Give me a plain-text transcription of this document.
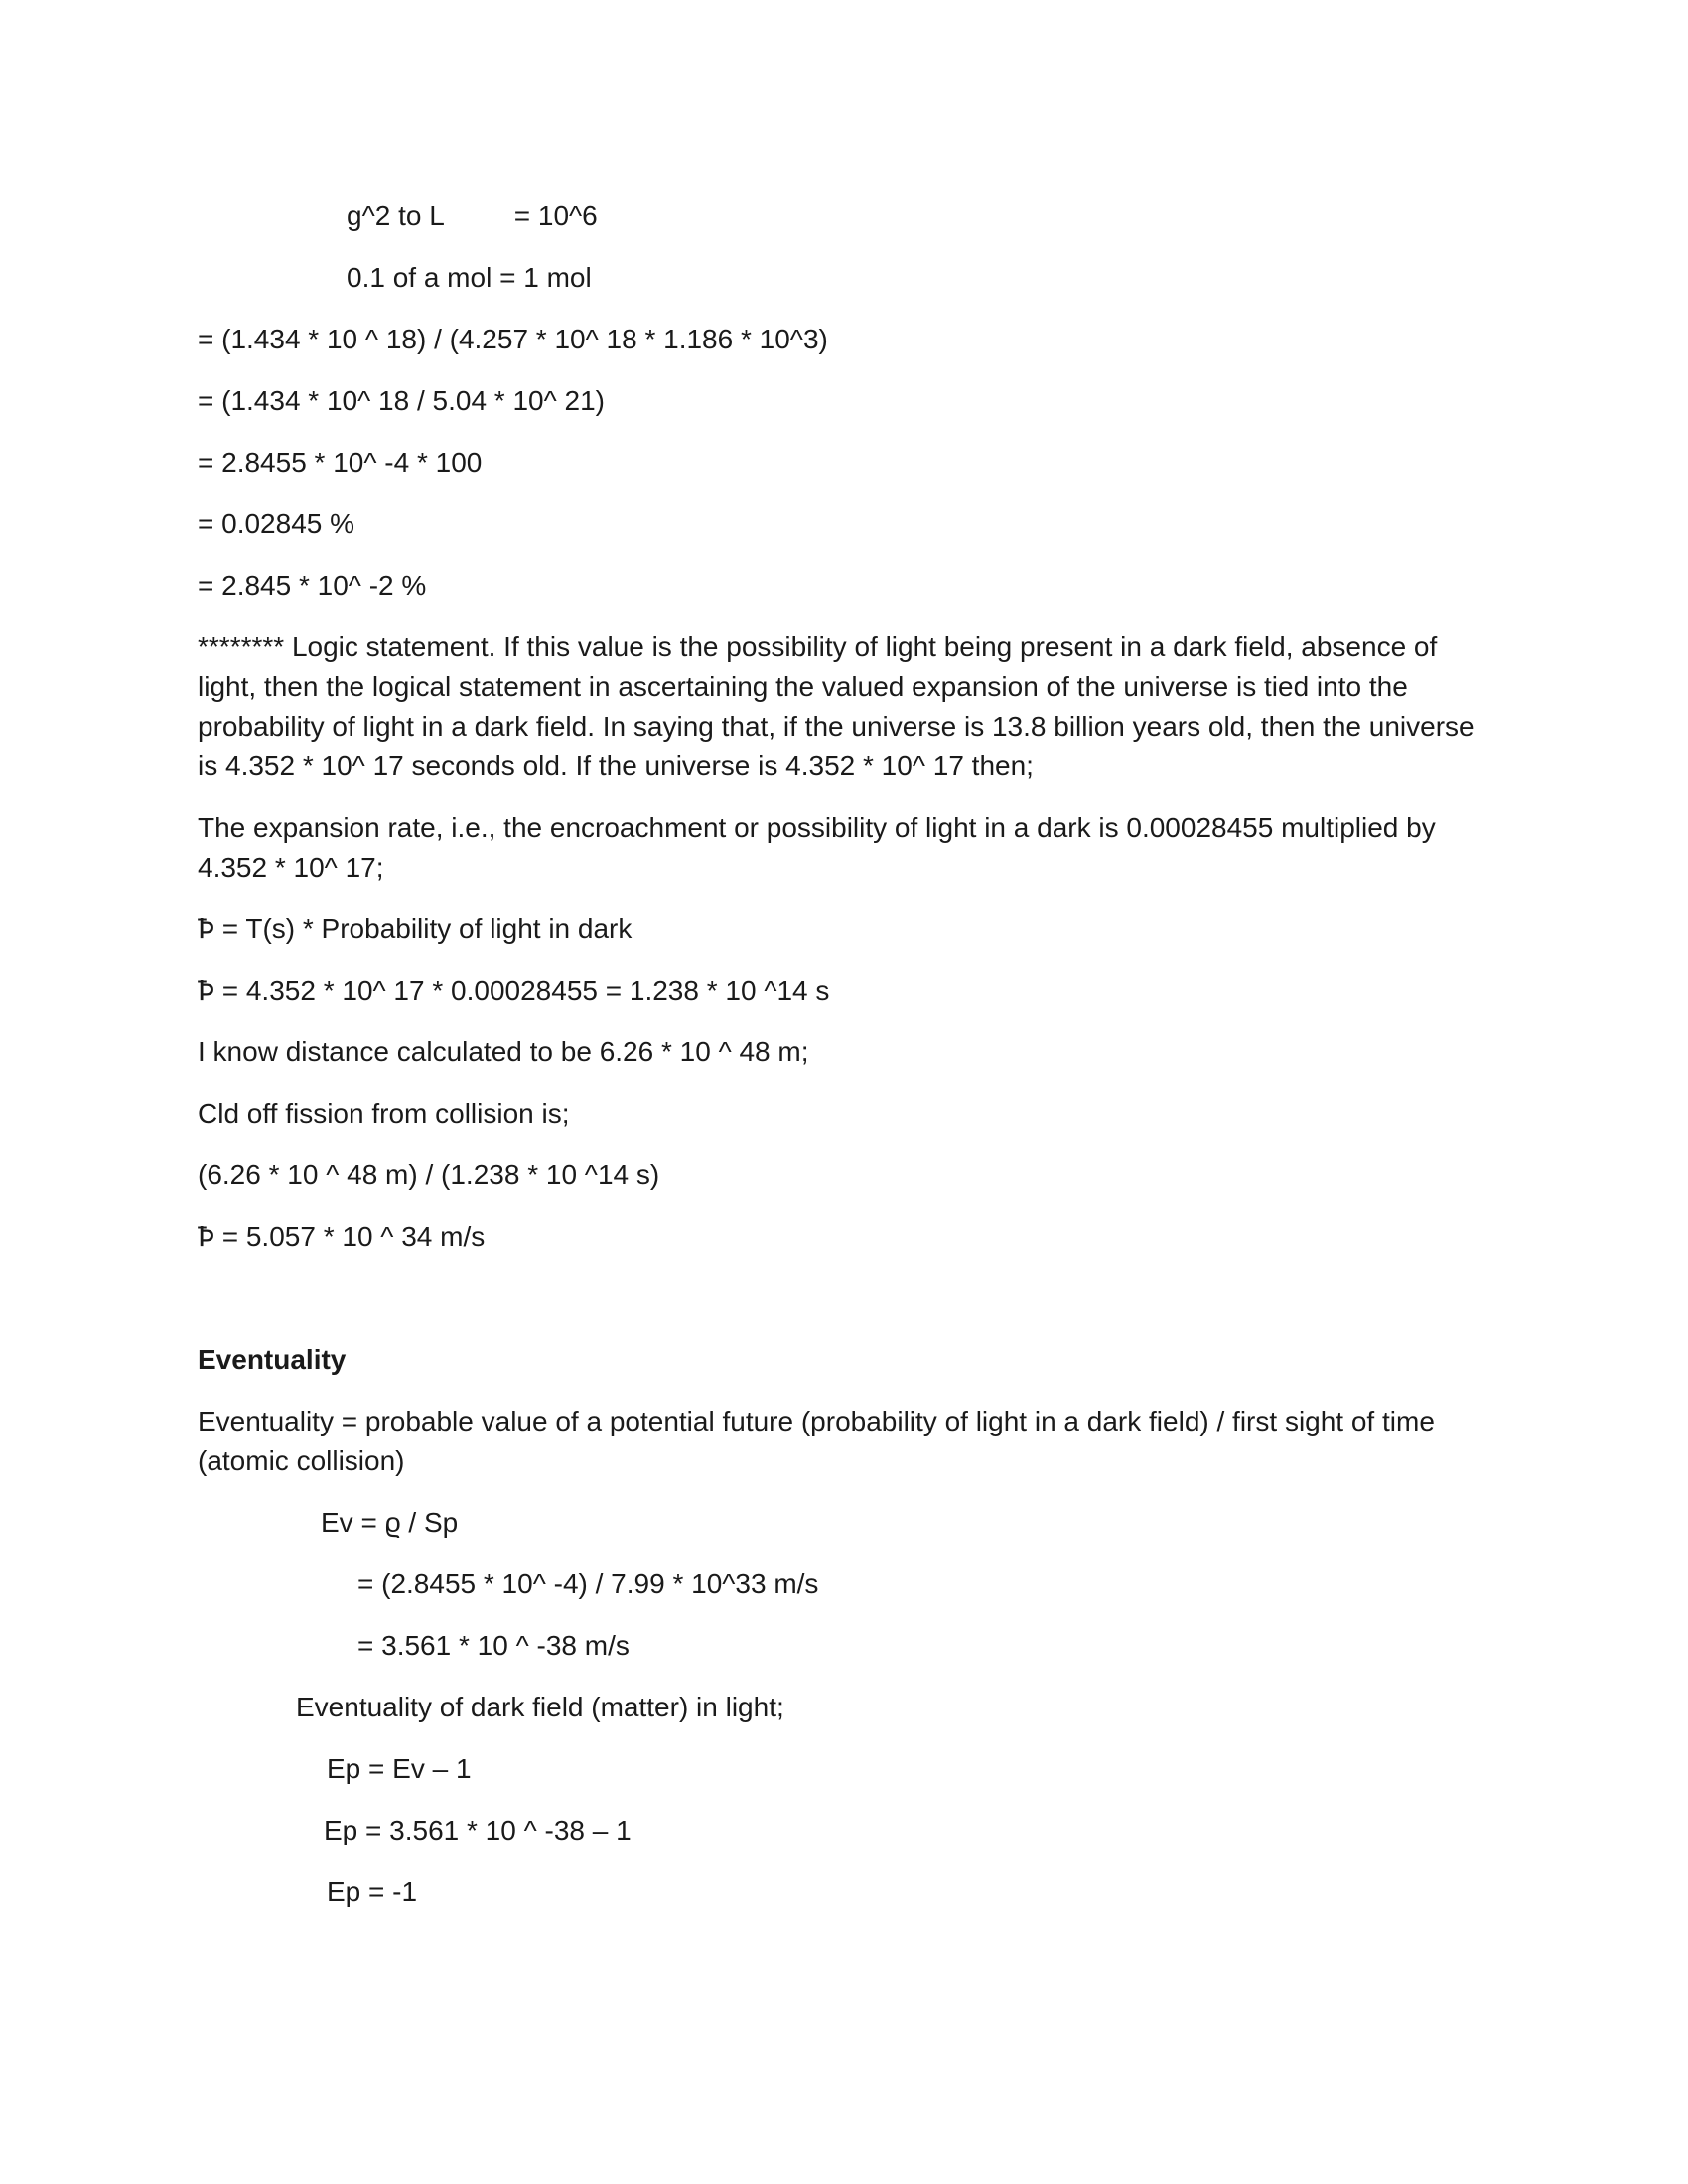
g^2 to L	= 10^6
0.1 of a mol = 1 mol
= (1.434 * 10 ^ 18) / (4.257 * 10^ 18 * 1.186 * 10^3)
= (1.434 * 10^ 18 / 5.04 * 10^ 21)
= 2.8455 * 10^ -4 * 100
= 0.02845 %
= 2.845 * 10^ -2 %
******** Logic statement. If this value is the possibility of light being present in a dark field, absence of light, then the logical statement in ascertaining the valued expansion of the universe is tied into the probability of light in a dark field. In saying that, if the universe is 13.8 billion years old, then the universe is 4.352 * 10^ 17 seconds old. If the universe is 4.352 * 10^ 17 then;
The expansion rate, i.e., the encroachment or possibility of light in a dark is 0.00028455 multiplied by 4.352 * 10^ 17;
Ꝥ = T(s) * Probability of light in dark
Ꝥ = 4.352 * 10^ 17 * 0.00028455 = 1.238 * 10 ^14 s
I know distance calculated to be 6.26 * 10 ^ 48 m;
Cld off fission from collision is;
(6.26 * 10 ^ 48 m) / (1.238 * 10 ^14 s)
Ꝥ = 5.057 * 10 ^ 34 m/s
Eventuality
Eventuality = probable value of a potential future (probability of light in a dark field) / first sight of time (atomic collision)
Ev = ϱ / Sp
= (2.8455 * 10^ -4) / 7.99 * 10^33 m/s
= 3.561 * 10 ^ -38 m/s
Eventuality of dark field (matter) in light;
Ep = Ev – 1
Ep = 3.561 * 10 ^ -38 – 1
Ep = -1
